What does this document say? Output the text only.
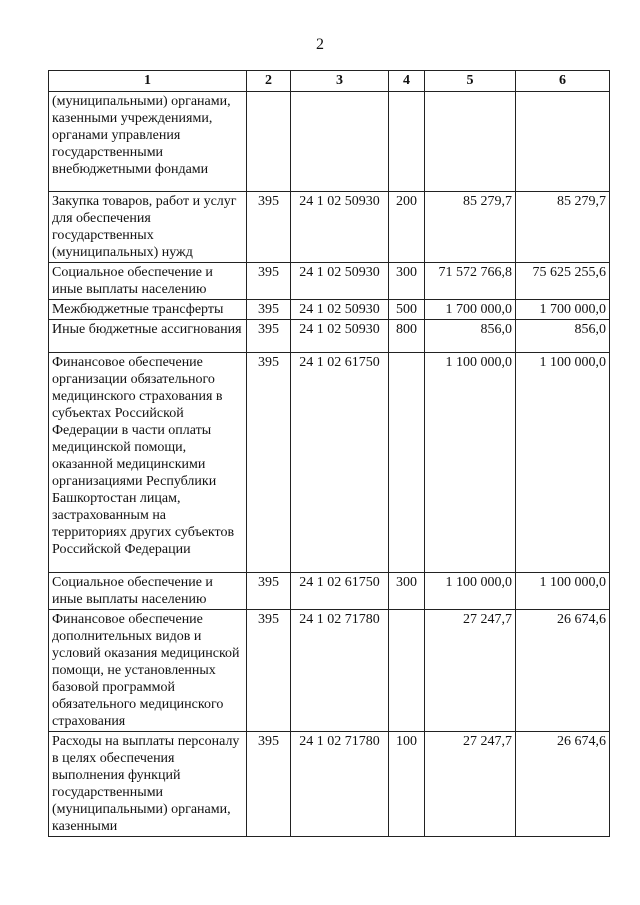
2
1	2	3	4	5	6
(муниципальными) органами, казенными учреждениями, органами управления государственными внебюджетными фондами					
Закупка товаров, работ и услуг для обеспечения государственных (муниципальных) нужд	395	24 1 02 50930	200	85 279,7	85 279,7
Социальное обеспечение и иные выплаты населению	395	24 1 02 50930	300	71 572 766,8	75 625 255,6
Межбюджетные трансферты	395	24 1 02 50930	500	1 700 000,0	1 700 000,0
Иные бюджетные ассигнования	395	24 1 02 50930	800	856,0	856,0
Финансовое обеспечение организации обязательного медицинского страхования в субъектах Российской Федерации в части оплаты медицинской помощи, оказанной медицинскими организациями Республики Башкортостан лицам, застрахованным на территориях других субъектов Российской Федерации	395	24 1 02 61750		1 100 000,0	1 100 000,0
Социальное обеспечение и иные выплаты населению	395	24 1 02 61750	300	1 100 000,0	1 100 000,0
Финансовое обеспечение дополнительных видов и условий оказания медицинской помощи, не установленных базовой программой обязательного медицинского страхования	395	24 1 02 71780		27 247,7	26 674,6
Расходы на выплаты персоналу в целях обеспечения выполнения функций государственными (муниципальными) органами, казенными	395	24 1 02 71780	100	27 247,7	26 674,6
